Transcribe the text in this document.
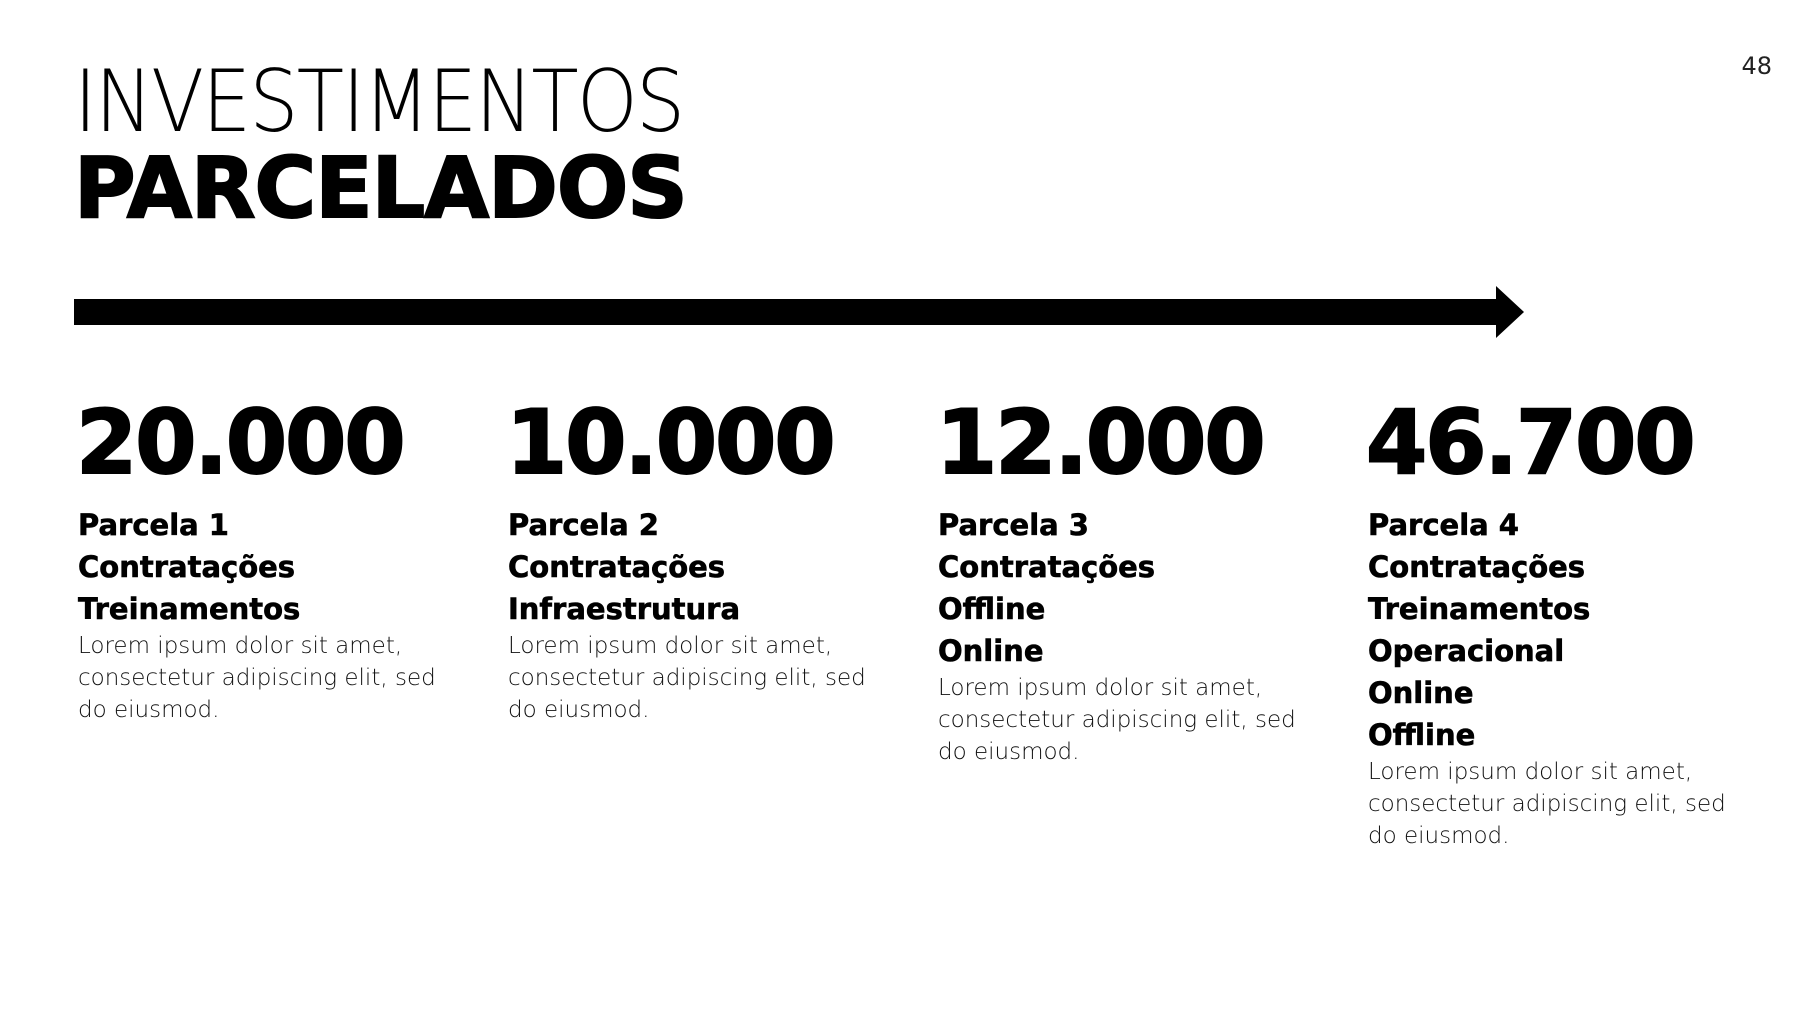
48
INVESTIMENTOS
PARCELADOS
20.000
Parcela 1
Contratações
Treinamentos

Lorem ipsum dolor sit amet, consectetur adipiscing elit, sed do eiusmod.

10.000
Parcela 2
Contratações
Infraestrutura

Lorem ipsum dolor sit amet, consectetur adipiscing elit, sed do eiusmod.

12.000
Parcela 3
Contratações
Offline
Online

Lorem ipsum dolor sit amet, consectetur adipiscing elit, sed do eiusmod.

46.700
Parcela 4
Contratações
Treinamentos
Operacional
Online
Offline

Lorem ipsum dolor sit amet, consectetur adipiscing elit, sed do eiusmod.
